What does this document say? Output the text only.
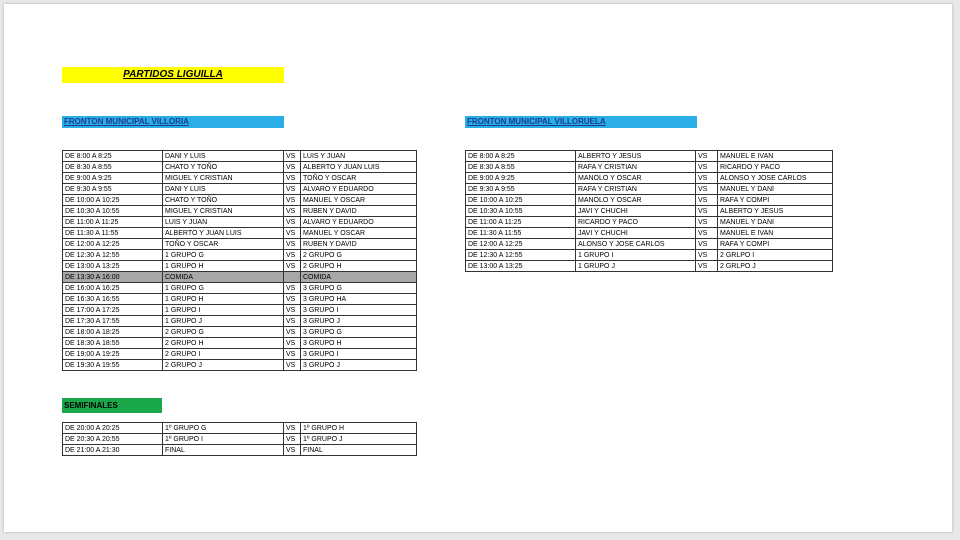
PARTIDOS LIGUILLA
FRONTON MUNICIPAL VILLORIA	FRONTON MUNICIPAL VILLORUELA
DE 8:00 A 8:25	DANI Y LUIS	VS	LUIS Y JUAN
DE 8:30 A 8:55	CHATO Y TOÑO	VS	ALBERTO Y JUAN LUIS
DE 9:00 A 9:25	MIGUEL Y CRISTIAN	VS	TOÑO Y OSCAR
DE 9:30 A 9:55	DANI Y LUIS	VS	ALVARO Y EDUARDO
DE 10:00 A 10:25	CHATO Y TOÑO	VS	MANUEL Y OSCAR
DE 10:30 A 10:55	MIGUEL Y CRISTIAN	VS	RUBEN Y DAVID
DE 11:00 A 11:25	LUIS Y JUAN	VS	ALVARO Y EDUARDO
DE 11:30 A 11:55	ALBERTO Y JUAN LUIS	VS	MANUEL Y OSCAR
DE 12:00 A 12:25	TOÑO Y OSCAR	VS	RUBEN Y DAVID
DE 12:30 A 12:55	1 GRUPO G	VS	2 GRUPO G
DE 13:00 A 13:25	1 GRUPO H	VS	2 GRUPO H
DE 13:30 A 16:00	COMIDA		COMIDA
DE 16:00 A 16:25	1 GRUPO G	VS	3 GRUPO G
DE 16:30 A 16:55	1 GRUPO H	VS	3 GRUPO HA
DE 17:00 A 17:25	1 GRUPO I	VS	3 GRUPO I
DE 17:30 A 17:55	1 GRUPO J	VS	3 GRUPO J
DE 18:00 A 18:25	2 GRUPO G	VS	3 GRUPO G
DE 18:30 A 18:55	2 GRUPO H	VS	3 GRUPO H
DE 19:00 A 19:25	2 GRUPO I	VS	3 GRUPO I
DE 19:30 A 19:55	2 GRUPO J	VS	3 GRUPO J
DE 8:00 A 8:25	ALBERTO Y JESUS	VS	MANUEL E IVAN
DE 8:30 A 8:55	RAFA Y CRISTIAN	VS	RICARDO Y PACO
DE 9:00 A 9:25	MANOLO Y OSCAR	VS	ALONSO Y JOSE CARLOS
DE 9:30 A 9:55	RAFA Y CRISTIAN	VS	MANUEL Y DANI
DE 10:00 A 10:25	MANOLO Y OSCAR	VS	RAFA Y COMPI
DE 10:30 A 10:55	JAVI Y CHUCHI	VS	ALBERTO Y JESUS
DE 11:00 A 11:25	RICARDO Y PACO	VS	MANUEL Y DANI
DE 11:30 A 11:55	JAVI Y CHUCHI	VS	MANUEL E IVAN
DE 12:00 A 12:25	ALONSO Y JOSE CARLOS	VS	RAFA Y COMPI
DE 12:30 A 12:55	1 GRUPO I	VS	2 GRLPO I
DE 13:00 A 13:25	1 GRUPO J	VS	2 GRLPO J
SEMIFINALES
DE 20:00 A 20:25	1º GRUPO G	VS	1º GRUPO H
DE 20:30 A 20:55	1º GRUPO I	VS	1º GRUPO J
DE 21:00 A 21:30	FINAL	VS	FINAL
